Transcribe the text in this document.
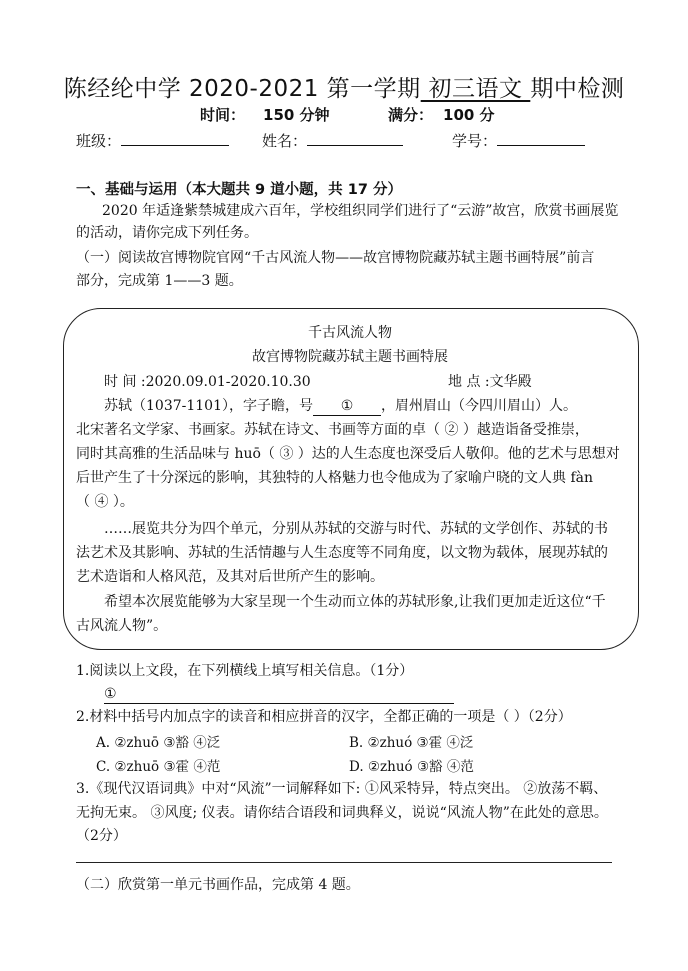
陈经纶中学 2020-2021 第一学期 初三语文 期中检测
时间： 150 分钟	满分： 100 分
班级：	姓名：	学号：
一、基础与运用（本大题共 9 道小题，共 17 分）
2020 年适逢紫禁城建成六百年，学校组织同学们进行了“云游”故宫，欣赏书画展览
的活动，请你完成下列任务。
（一）阅读故宫博物院官网“千古风流人物——故宫博物院藏苏轼主题书画特展”前言
部分，完成第 1——3 题。
千古风流人物
故宫博物院藏苏轼主题书画特展
时 间 :2020.09.01-2020.10.30	地 点 :文华殿
苏轼（1037-1101），字子瞻，号 ① ，眉州眉山（今四川眉山）人。
北宋著名文学家、书画家。苏轼在诗文、书画等方面的卓（ ② ）越造诣备受推崇，
同时其高雅的生活品味与 huō（ ③ ）达的人生态度也深受后人敬仰。他的艺术与思想对
后世产生了十分深远的影响，其独特的人格魅力也令他成为了家喻户晓的文人典 fàn
（ ④ ）。
……展览共分为四个单元，分别从苏轼的交游与时代、苏轼的文学创作、苏轼的书
法艺术及其影响、苏轼的生活情趣与人生态度等不同角度，以文物为载体，展现苏轼的
艺术造诣和人格风范，及其对后世所产生的影响。
希望本次展览能够为大家呈现一个生动而立体的苏轼形象,让我们更加走近这位“千
古风流人物”。
1.阅读以上文段，在下列横线上填写相关信息。（1分）
①
2.材料中括号内加点字的读音和相应拼音的汉字，全都正确的一项是（ ）（2分）
A. ②zhuō ③豁 ④泛	B. ②zhuó ③霍 ④泛
C. ②zhuō ③霍 ④范	D. ②zhuó ③豁 ④范
3.《现代汉语词典》中对“风流”一词解释如下: ①风采特异，特点突出。 ②放荡不羁、
无拘无束。 ③风度; 仪表。请你结合语段和词典释义，说说“风流人物”在此处的意思。
（2分）
（二）欣赏第一单元书画作品，完成第 4 题。
